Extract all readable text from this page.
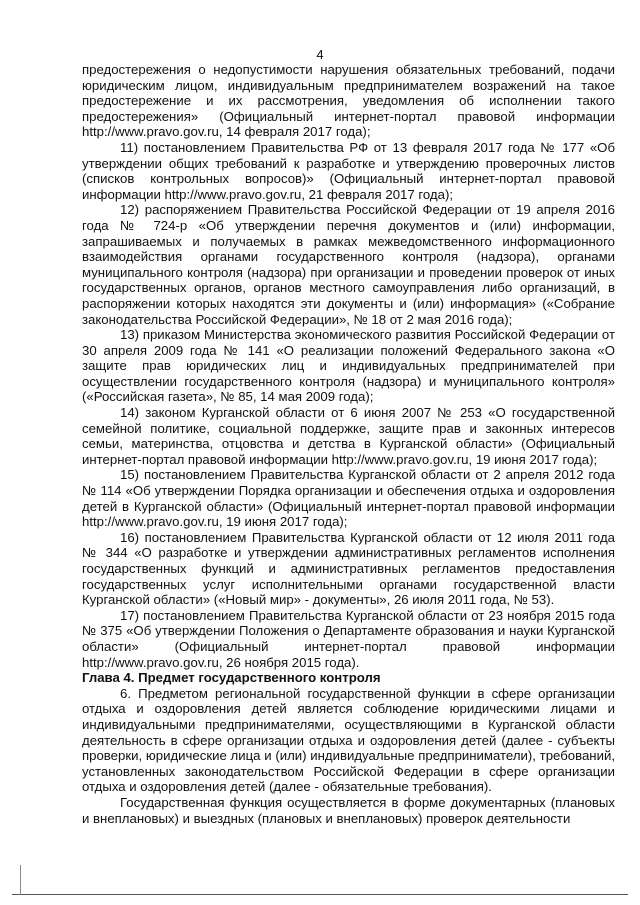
4

предостережения о недопустимости нарушения обязательных требований, подачи юридическим лицом, индивидуальным предпринимателем возражений на такое предостережение и их рассмотрения, уведомления об исполнении такого предостережения» (Официальный интернет-портал правовой информации http://www.pravo.gov.ru, 14 февраля 2017 года);

11) постановлением Правительства РФ от 13 февраля 2017 года № 177 «Об утверждении общих требований к разработке и утверждению проверочных листов (списков контрольных вопросов)» (Официальный интернет-портал правовой информации http://www.pravo.gov.ru, 21 февраля 2017 года);

12) распоряжением Правительства Российской Федерации от 19 апреля 2016 года № 724-р «Об утверждении перечня документов и (или) информации, запрашиваемых и получаемых в рамках межведомственного информационного взаимодействия органами государственного контроля (надзора), органами муниципального контроля (надзора) при организации и проведении проверок от иных государственных органов, органов местного самоуправления либо организаций, в распоряжении которых находятся эти документы и (или) информация» («Собрание законодательства Российской Федерации», № 18 от 2 мая 2016 года);

13) приказом Министерства экономического развития Российской Федерации от 30 апреля 2009 года № 141 «О реализации положений Федерального закона «О защите прав юридических лиц и индивидуальных предпринимателей при осуществлении государственного контроля (надзора) и муниципального контроля» («Российская газета», № 85, 14 мая 2009 года);

14) законом Курганской области от 6 июня 2007 № 253 «О государственной семейной политике, социальной поддержке, защите прав и законных интересов семьи, материнства, отцовства и детства в Курганской области» (Официальный интернет-портал правовой информации http://www.pravo.gov.ru, 19 июня 2017 года);

15) постановлением Правительства Курганской области от 2 апреля 2012 года № 114 «Об утверждении Порядка организации и обеспечения отдыха и оздоровления детей в Курганской области» (Официальный интернет-портал правовой информации http://www.pravo.gov.ru, 19 июня 2017 года);

16) постановлением Правительства Курганской области от 12 июля 2011 года № 344 «О разработке и утверждении административных регламентов исполнения государственных функций и административных регламентов предоставления государственных услуг исполнительными органами государственной власти Курганской области» («Новый мир» - документы», 26 июля 2011 года, № 53).

17) постановлением Правительства Курганской области от 23 ноября 2015 года № 375 «Об утверждении Положения о Департаменте образования и науки Курганской области» (Официальный интернет-портал правовой информации http://www.pravo.gov.ru, 26 ноября 2015 года).

Глава 4. Предмет государственного контроля

6. Предметом региональной государственной функции в сфере организации отдыха и оздоровления детей является соблюдение юридическими лицами и индивидуальными предпринимателями, осуществляющими в Курганской области деятельность в сфере организации отдыха и оздоровления детей (далее - субъекты проверки, юридические лица и (или) индивидуальные предприниматели), требований, установленных законодательством Российской Федерации в сфере организации отдыха и оздоровления детей (далее - обязательные требования).

Государственная функция осуществляется в форме документарных (плановых и внеплановых) и выездных (плановых и внеплановых) проверок деятельности
